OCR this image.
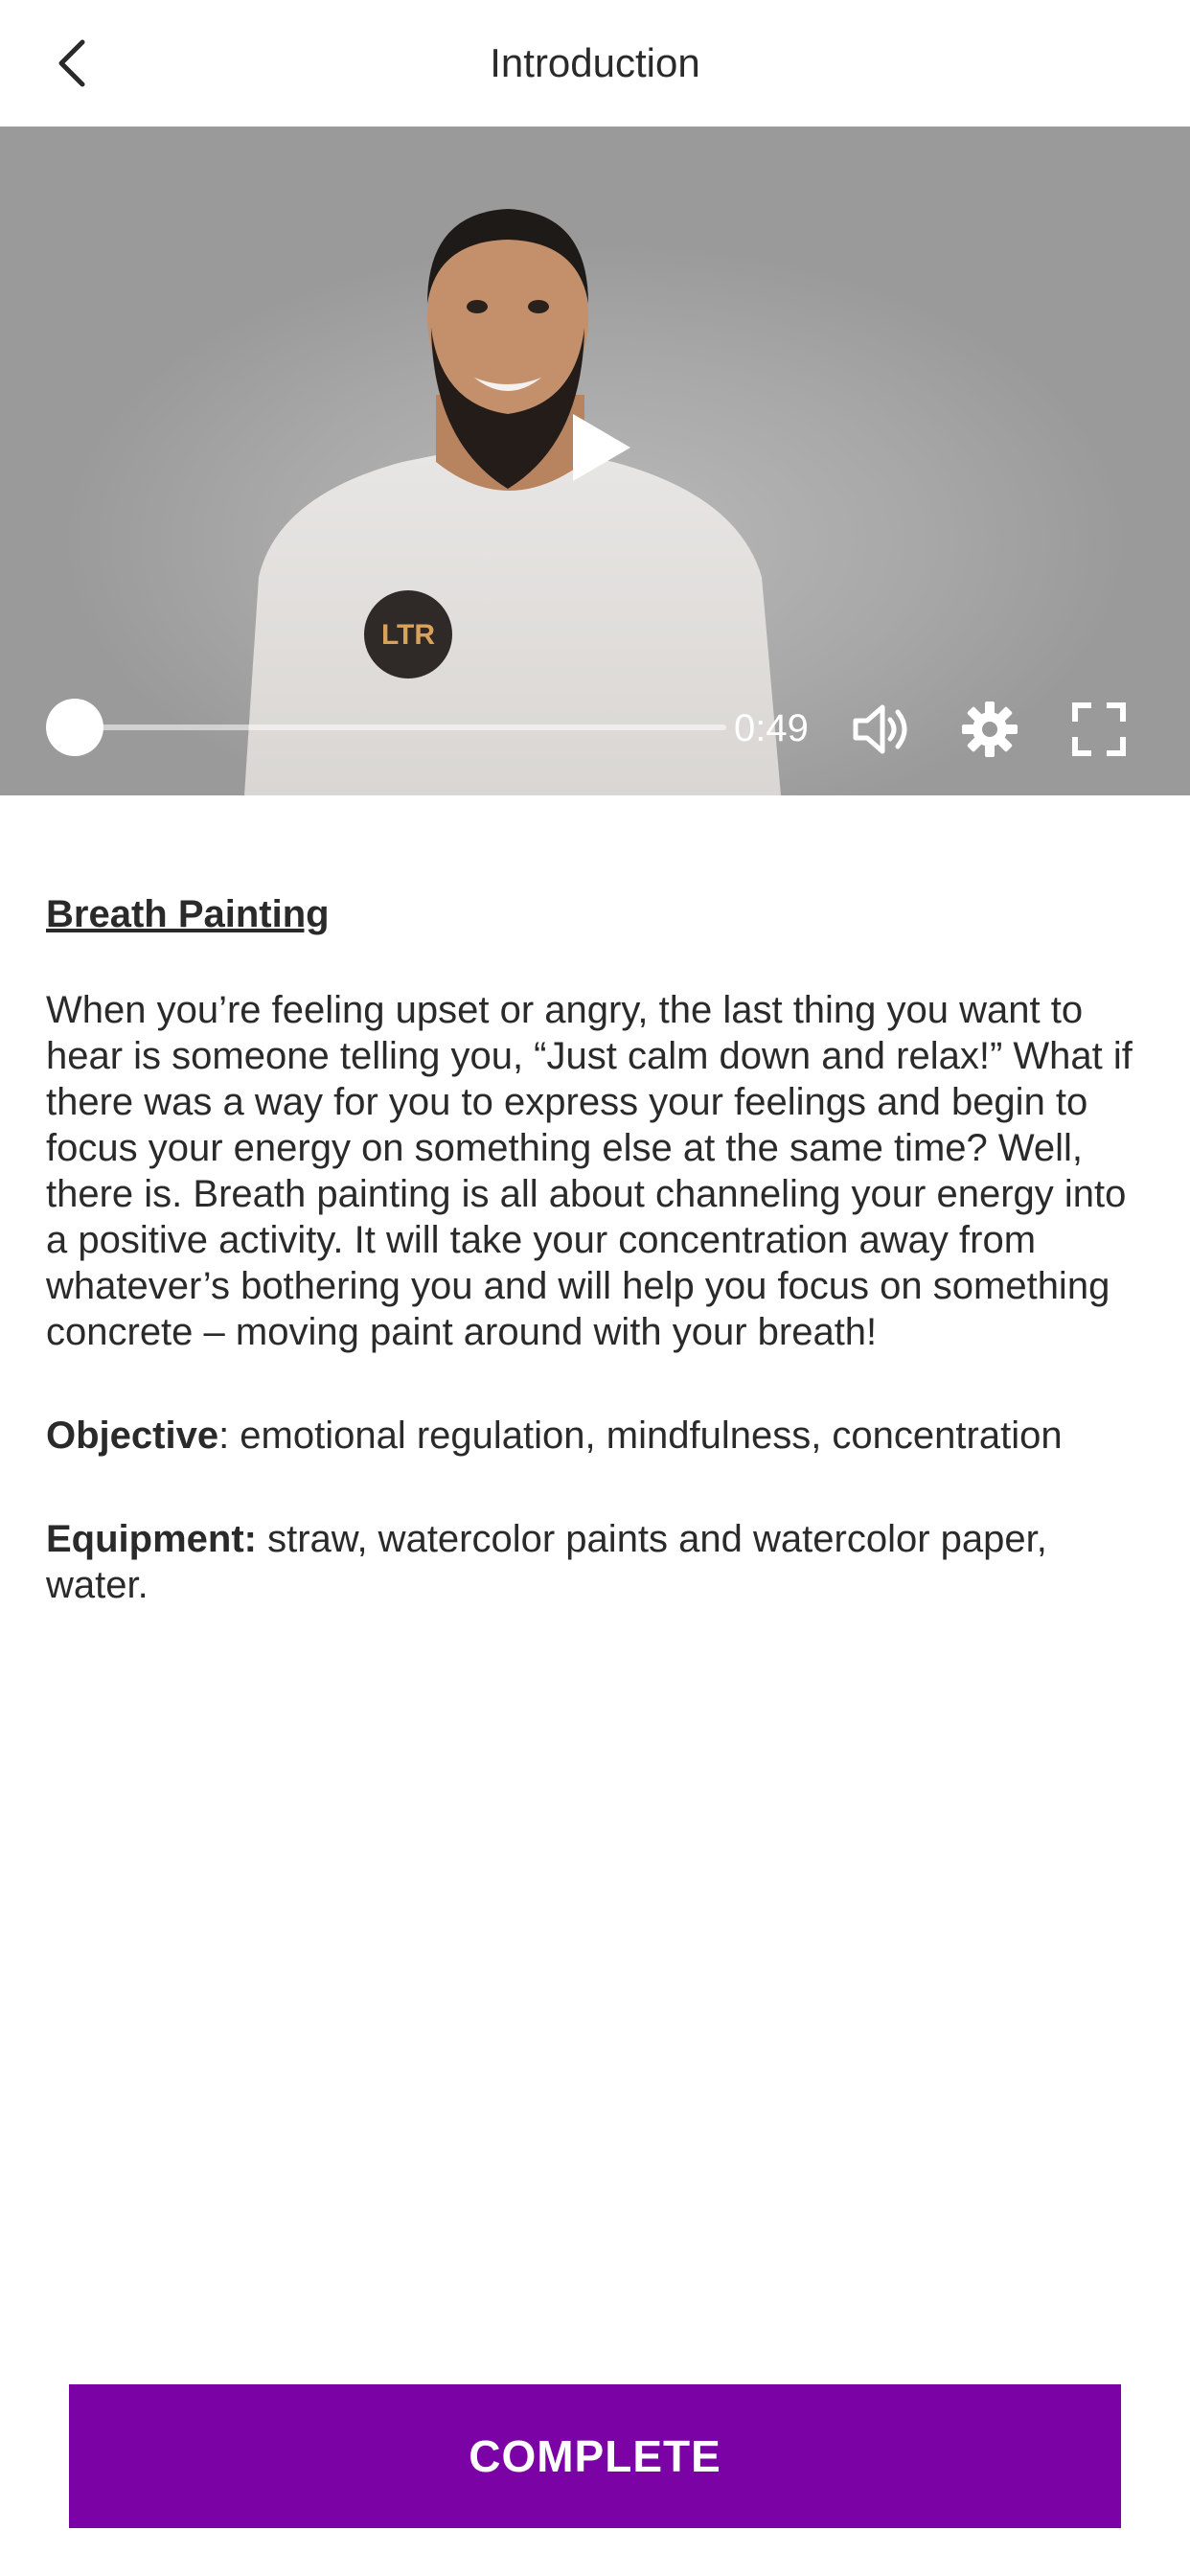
Introduction
LTR
0:49
Breath Painting

When you’re feeling upset or angry, the last thing you want to hear is someone telling you, “Just calm down and relax!” What if there was a way for you to express your feelings and begin to focus your energy on something else at the same time? Well, there is. Breath painting is all about channeling your energy into a positive activity. It will take your concentration away from whatever’s bothering you and will help you focus on something concrete – moving paint around with your breath!

Objective: emotional regulation, mindfulness, concentration

Equipment: straw, watercolor paints and watercolor paper, water.

COMPLETE
